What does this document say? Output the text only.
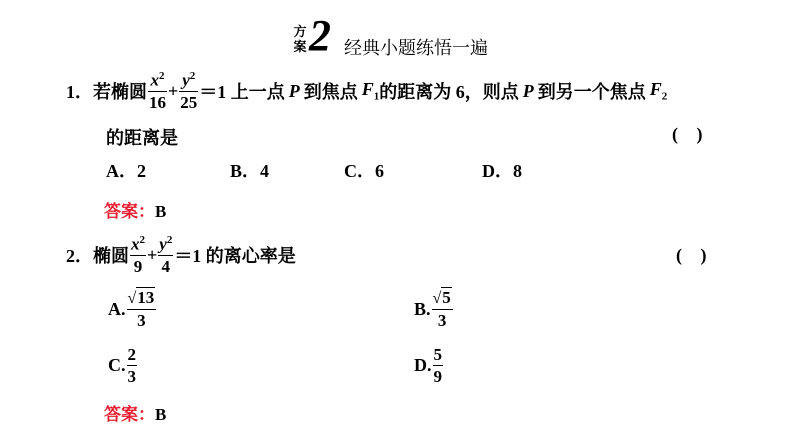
方
案 2 经典小题练悟一遍
1． 若椭圆 $\frac{x^2}{16} + \frac{y^2}{25} =1$ 上一点 P 到焦点 $F_1$ 的距离为 6，则点 P 到另一个焦点 $F_2$
的距离是	( )
A．2	B．4	C．6	D．8
答案：B
2． 椭圆 $\frac{x^2}{9} + \frac{y^2}{4} =1$ 的离心率是	( )
A. $\frac{√13}{3}$	B. $\frac{√5}{3}$
C. $\frac{2}{3}$	D. $\frac{5}{9}$
答案：B
